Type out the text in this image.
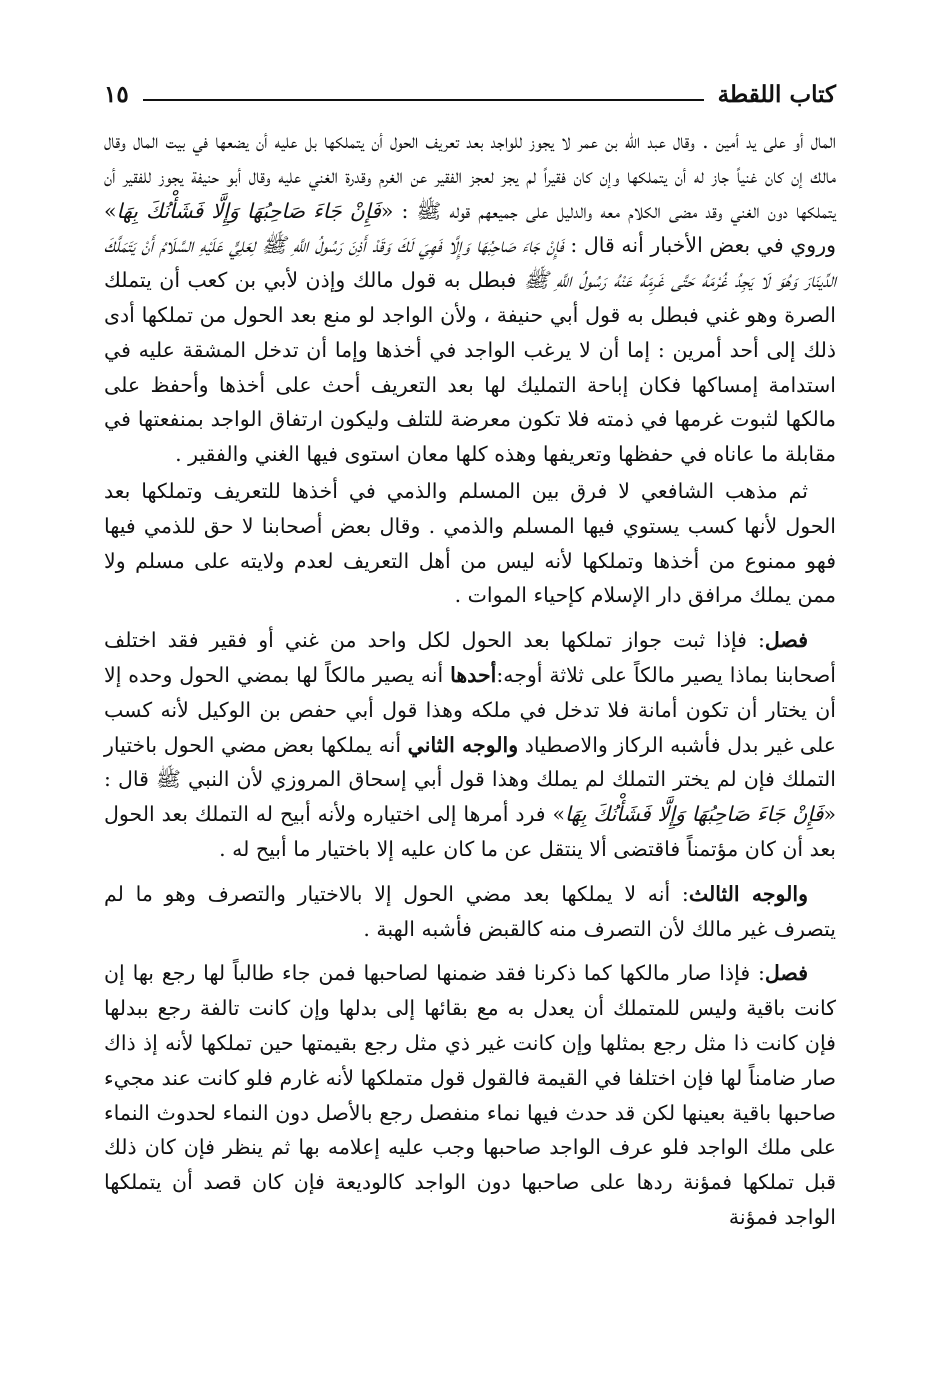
كتاب اللقطة
١٥

المال أو على يد أمين . وقال عبد الله بن عمر لا يجوز للواجد بعد تعريف الحول أن يتملكها بل عليه أن يضعها في بيت المال وقال مالك إن كان غنياً جاز له أن يتملكها وإن كان فقيراً لم يجز لعجز الفقير عن الغرم وقدرة الغني عليه وقال أبو حنيفة يجوز للفقير أن يتملكها دون الغني وقد مضى الكلام معه والدليل على جميعهم قوله ﷺ : «فَإِنْ جَاءَ صَاحِبُهَا وَإِلَّا فَشَأْنُكَ بِهَا» وروي في بعض الأخبار أنه قال : فَإِنْ جَاءَ صَاحِبُهَا وَإِلَّا فَهِيَ لَكَ وَقَدْ أَذِنَ رَسُولُ اللَّهِ ﷺ لِعَلِيٍّ عَلَيْهِ السَّلَامُ أَنْ يَتَمَلَّكَ الدِّينَارَ وَهُوَ لَا يَجِدُ غُرْمَهُ حَتَّى غَرِمَهُ عَنْهُ رَسُولُ اللَّهِ ﷺ فبطل به قول مالك وإذن لأبي بن كعب أن يتملك الصرة وهو غني فبطل به قول أبي حنيفة ، ولأن الواجد لو منع بعد الحول من تملكها أدى ذلك إلى أحد أمرين : إما أن لا يرغب الواجد في أخذها وإما أن تدخل المشقة عليه في استدامة إمساكها فكان إباحة التمليك لها بعد التعريف أحث على أخذها وأحفظ على مالكها لثبوت غرمها في ذمته فلا تكون معرضة للتلف وليكون ارتفاق الواجد بمنفعتها في مقابلة ما عاناه في حفظها وتعريفها وهذه كلها معان استوى فيها الغني والفقير .

ثم مذهب الشافعي لا فرق بين المسلم والذمي في أخذها للتعريف وتملكها بعد الحول لأنها كسب يستوي فيها المسلم والذمي . وقال بعض أصحابنا لا حق للذمي فيها فهو ممنوع من أخذها وتملكها لأنه ليس من أهل التعريف لعدم ولايته على مسلم ولا ممن يملك مرافق دار الإسلام كإحياء الموات .

فصل: فإذا ثبت جواز تملكها بعد الحول لكل واحد من غني أو فقير فقد اختلف أصحابنا بماذا يصير مالكاً على ثلاثة أوجه:أحدها أنه يصير مالكاً لها بمضي الحول وحده إلا أن يختار أن تكون أمانة فلا تدخل في ملكه وهذا قول أبي حفص بن الوكيل لأنه كسب على غير بدل فأشبه الركاز والاصطياد والوجه الثاني أنه يملكها بعض مضي الحول باختيار التملك فإن لم يختر التملك لم يملك وهذا قول أبي إسحاق المروزي لأن النبي ﷺ قال : «فَإِنْ جَاءَ صَاحِبُهَا وَإِلَّا فَشَأْنُكَ بِهَا» فرد أمرها إلى اختياره ولأنه أبيح له التملك بعد الحول بعد أن كان مؤتمناً فاقتضى ألا ينتقل عن ما كان عليه إلا باختيار ما أبيح له .

والوجه الثالث: أنه لا يملكها بعد مضي الحول إلا بالاختيار والتصرف وهو ما لم يتصرف غير مالك لأن التصرف منه كالقبض فأشبه الهبة .

فصل: فإذا صار مالكها كما ذكرنا فقد ضمنها لصاحبها فمن جاء طالباً لها رجع بها إن كانت باقية وليس للمتملك أن يعدل به مع بقائها إلى بدلها وإن كانت تالفة رجع ببدلها فإن كانت ذا مثل رجع بمثلها وإن كانت غير ذي مثل رجع بقيمتها حين تملكها لأنه إذ ذاك صار ضامناً لها فإن اختلفا في القيمة فالقول قول متملكها لأنه غارم فلو كانت عند مجيء صاحبها باقية بعينها لكن قد حدث فيها نماء منفصل رجع بالأصل دون النماء لحدوث النماء على ملك الواجد فلو عرف الواجد صاحبها وجب عليه إعلامه بها ثم ينظر فإن كان ذلك قبل تملكها فمؤنة ردها على صاحبها دون الواجد كالوديعة فإن كان قصد أن يتملكها الواجد فمؤنة
